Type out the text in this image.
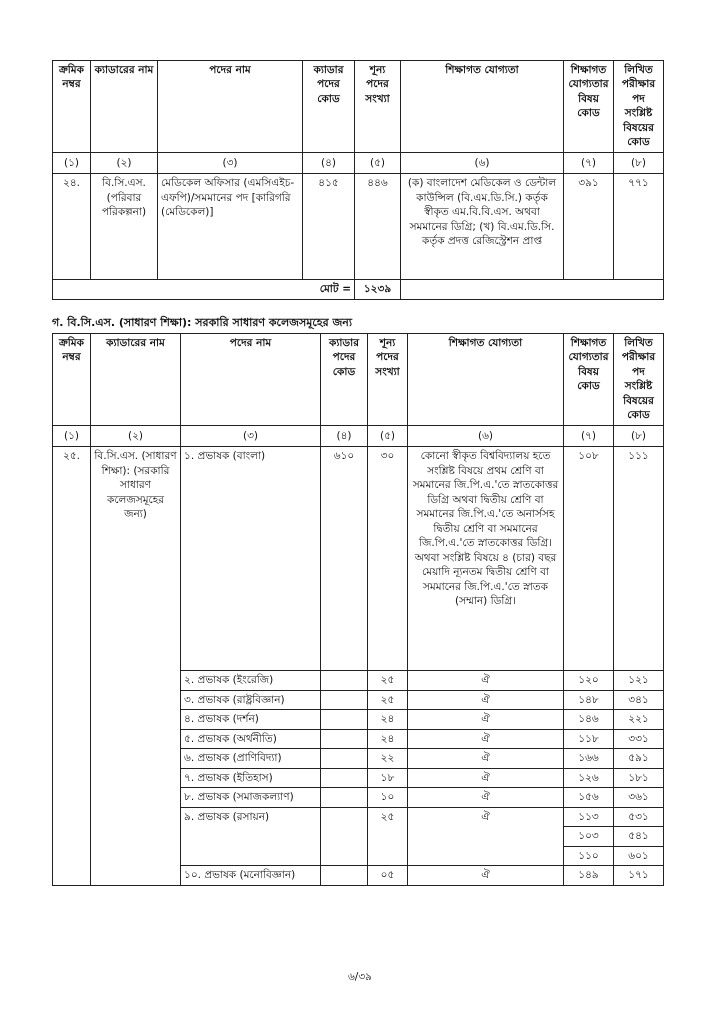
ক্রমিক নম্বর	ক্যাডারের নাম	পদের নাম	ক্যাডার পদের কোড	শূন্য পদের সংখ্যা	শিক্ষাগত যোগ্যতা	শিক্ষাগত যোগ্যতার বিষয় কোড	লিখিত পরীক্ষার পদ সংশ্লিষ্ট বিষয়ের কোড
(১)	(২)	(৩)	(৪)	(৫)	(৬)	(৭)	(৮)
২৪.	বি.সি.এস. (পরিবার পরিকল্পনা)	মেডিকেল অফিসার (এমসিএইচ-এফপি)/সমমানের পদ [কারিগরি (মেডিকেল)]	৪১৫	৪৪৬	(ক) বাংলাদেশ মেডিকেল ও ডেন্টাল কাউন্সিল (বি.এম.ডি.সি.) কর্তৃক স্বীকৃত এম.বি.বি.এস. অথবা সমমানের ডিগ্রি; (খ) বি.এম.ডি.সি. কর্তৃক প্রদত্ত রেজিস্ট্রেশন প্রাপ্ত	৩৯১	৭৭১
মোট =				১২৩৯			
গ. বি.সি.এস. (সাধারণ শিক্ষা): সরকারি সাধারণ কলেজসমূহের জন্য
ক্রমিক নম্বর	ক্যাডারের নাম	পদের নাম	ক্যাডার পদের কোড	শূন্য পদের সংখ্যা	শিক্ষাগত যোগ্যতা	শিক্ষাগত যোগ্যতার বিষয় কোড	লিখিত পরীক্ষার পদ সংশ্লিষ্ট বিষয়ের কোড
(১)	(২)	(৩)	(৪)	(৫)	(৬)	(৭)	(৮)
২৫.	বি.সি.এস. (সাধারণ শিক্ষা): (সরকারি সাধারণ কলেজসমূহের জন্য)	১. প্রভাষক (বাংলা)	৬১০	৩০	কোনো স্বীকৃত বিশ্ববিদ্যালয় হতে সংশ্লিষ্ট বিষয়ে প্রথম শ্রেণি বা সমমানের জি.পি.এ.'তে স্নাতকোত্তর ডিগ্রি অথবা দ্বিতীয় শ্রেণি বা সমমানের জি.পি.এ.'তে অনার্সসহ দ্বিতীয় শ্রেণি বা সমমানের জি.পি.এ.'তে স্নাতকোত্তর ডিগ্রি। অথবা সংশ্লিষ্ট বিষয়ে ৪ (চার) বছর মেয়াদি ন্যূনতম দ্বিতীয় শ্রেণি বা সমমানের জি.পি.এ.'তে স্নাতক (সম্মান) ডিগ্রি।	১০৮	১১১
		২. প্রভাষক (ইংরেজি)		২৫	ঐ	১২০	১২১
		৩. প্রভাষক (রাষ্ট্রবিজ্ঞান)		২৫	ঐ	১৪৮	৩৪১
		৪. প্রভাষক (দর্শন)		২৪	ঐ	১৪৬	২২১
		৫. প্রভাষক (অর্থনীতি)		২৪	ঐ	১১৮	৩৩১
		৬. প্রভাষক (প্রাণিবিদ্যা)		২২	ঐ	১৬৬	৫৯১
		৭. প্রভাষক (ইতিহাস)		১৮	ঐ	১২৬	১৮১
		৮. প্রভাষক (সমাজকল্যাণ)		১০	ঐ	১৫৬	৩৬১
		৯. প্রভাষক (রসায়ন)		২৫	ঐ	১১৩	৫৩১
						১০৩	৫৪১
						১১০	৬০১
		১০. প্রভাষক (মনোবিজ্ঞান)		০৫	ঐ	১৪৯	১৭১
৬/৩৯
